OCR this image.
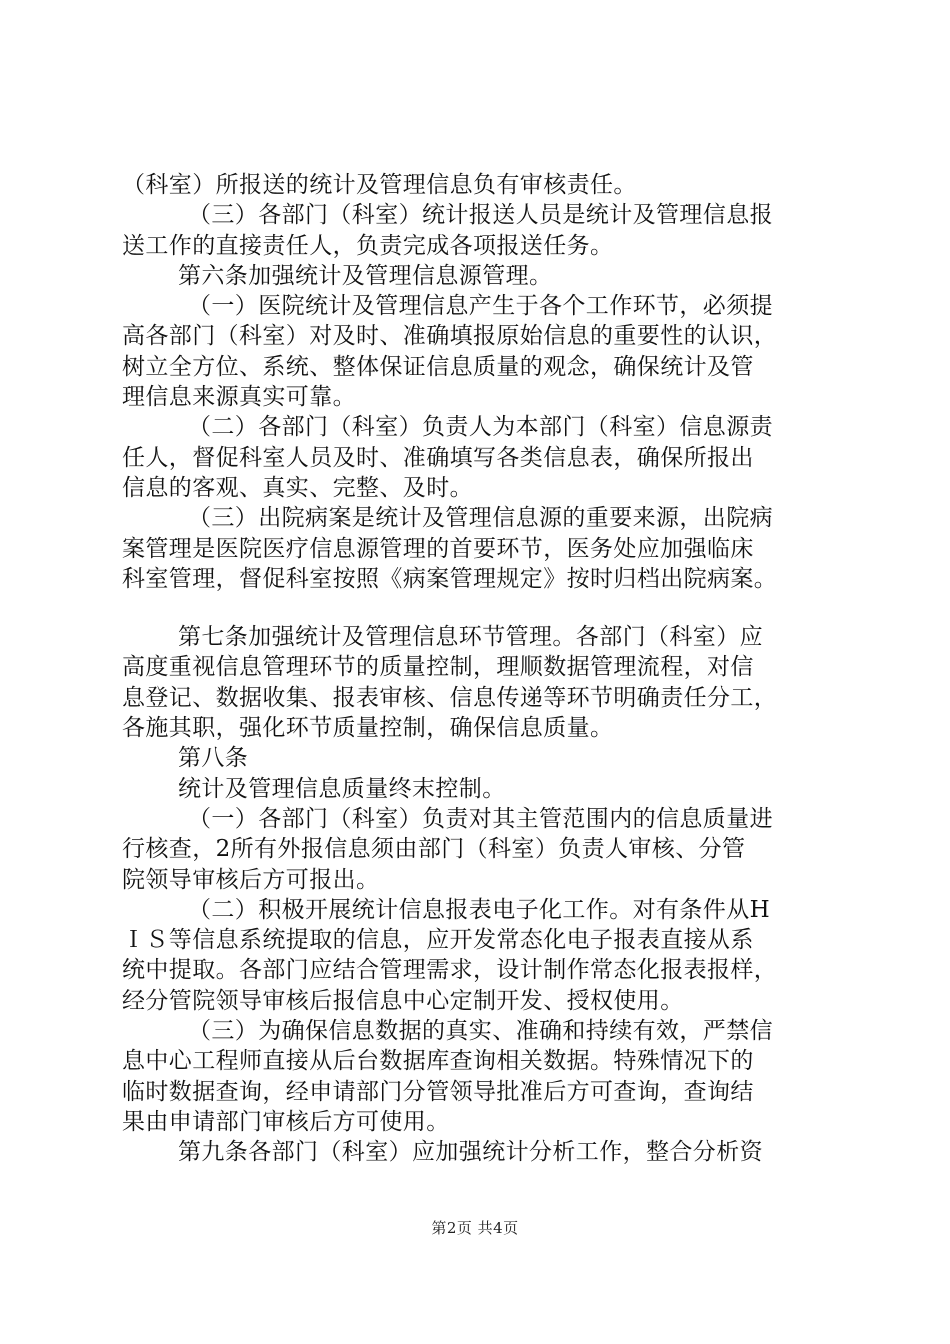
（科室）所报送的统计及管理信息负有审核责任。
（三）各部门（科室）统计报送人员是统计及管理信息报
送工作的直接责任人，负责完成各项报送任务。
第六条加强统计及管理信息源管理。
（一）医院统计及管理信息产生于各个工作环节，必须提
高各部门（科室）对及时、准确填报原始信息的重要性的认识，
树立全方位、系统、整体保证信息质量的观念，确保统计及管
理信息来源真实可靠。
（二）各部门（科室）负责人为本部门（科室）信息源责
任人，督促科室人员及时、准确填写各类信息表，确保所报出
信息的客观、真实、完整、及时。
（三）出院病案是统计及管理信息源的重要来源，出院病
案管理是医院医疗信息源管理的首要环节，医务处应加强临床
科室管理，督促科室按照《病案管理规定》按时归档出院病案。
第七条加强统计及管理信息环节管理。各部门（科室）应
高度重视信息管理环节的质量控制，理顺数据管理流程，对信
息登记、数据收集、报表审核、信息传递等环节明确责任分工，
各施其职，强化环节质量控制，确保信息质量。
第八条
统计及管理信息质量终末控制。
（一）各部门（科室）负责对其主管范围内的信息质量进
行核查，2所有外报信息须由部门（科室）负责人审核、分管
院领导审核后方可报出。
（二）积极开展统计信息报表电子化工作。对有条件从H
ＩＳ等信息系统提取的信息，应开发常态化电子报表直接从系
统中提取。各部门应结合管理需求，设计制作常态化报表报样，
经分管院领导审核后报信息中心定制开发、授权使用。
（三）为确保信息数据的真实、准确和持续有效，严禁信
息中心工程师直接从后台数据库查询相关数据。特殊情况下的
临时数据查询，经申请部门分管领导批准后方可查询，查询结
果由申请部门审核后方可使用。
第九条各部门（科室）应加强统计分析工作，整合分析资
第2页 共4页
